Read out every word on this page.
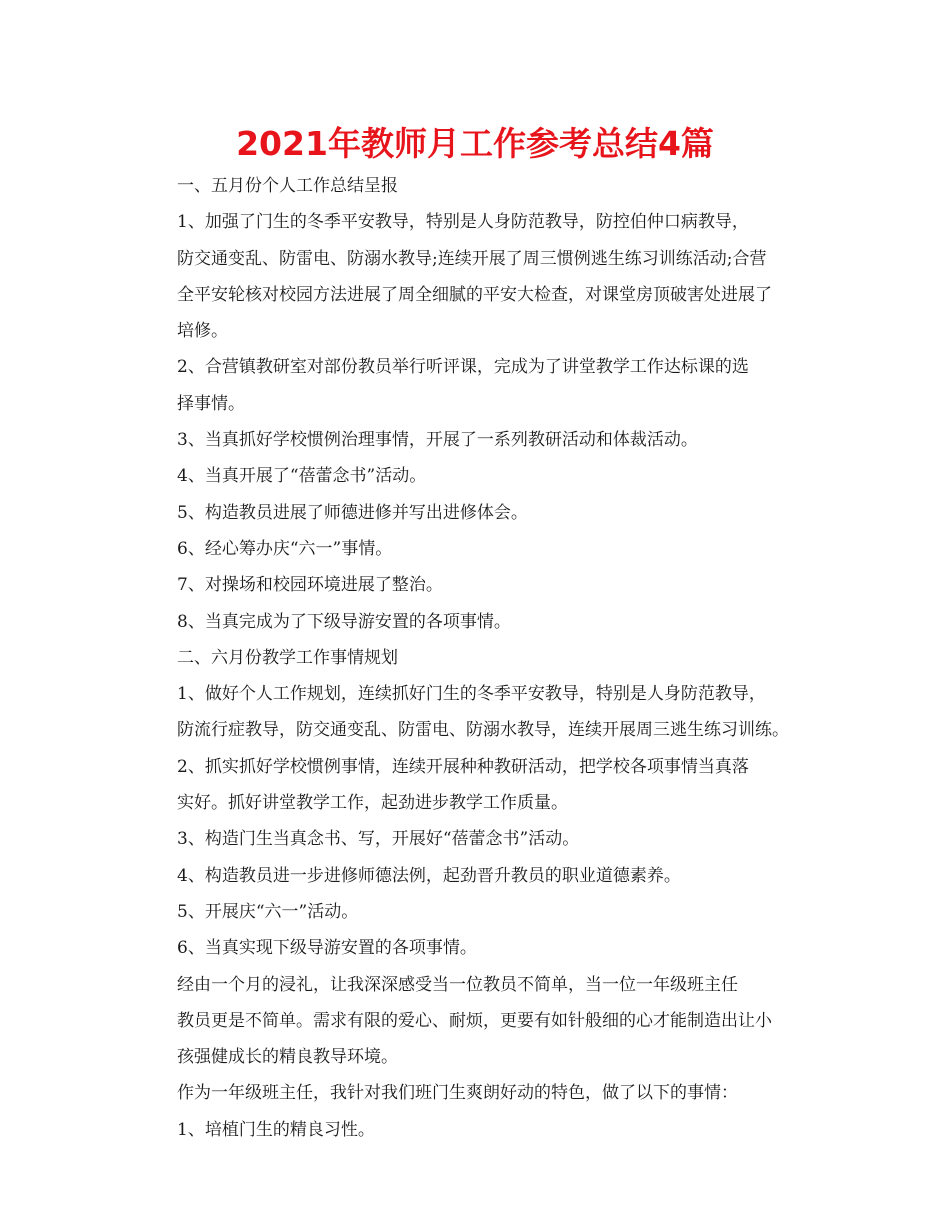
2021年教师月工作参考总结4篇

一、五月份个人工作总结呈报

1、加强了门生的冬季平安教导，特别是人身防范教导，防控伯仲口病教导，
防交通变乱、防雷电、防溺水教导;连续开展了周三惯例逃生练习训练活动;合营
全平安轮核对校园方法进展了周全细腻的平安大检查，对课堂房顶破害处进展了
培修。

2、合营镇教研室对部份教员举行听评课，完成为了讲堂教学工作达标课的选
择事情。

3、当真抓好学校惯例治理事情，开展了一系列教研活动和体裁活动。

4、当真开展了“蓓蕾念书”活动。

5、构造教员进展了师德进修并写出进修体会。

6、经心筹办庆“六一”事情。

7、对操场和校园环境进展了整治。

8、当真完成为了下级导游安置的各项事情。

二、六月份教学工作事情规划

1、做好个人工作规划，连续抓好门生的冬季平安教导，特别是人身防范教导，
防流行症教导，防交通变乱、防雷电、防溺水教导，连续开展周三逃生练习训练。

2、抓实抓好学校惯例事情，连续开展种种教研活动，把学校各项事情当真落
实好。抓好讲堂教学工作，起劲进步教学工作质量。

3、构造门生当真念书、写，开展好“蓓蕾念书”活动。

4、构造教员进一步进修师德法例，起劲晋升教员的职业道德素养。

5、开展庆“六一”活动。

6、当真实现下级导游安置的各项事情。

经由一个月的浸礼，让我深深感受当一位教员不简单，当一位一年级班主任
教员更是不简单。需求有限的爱心、耐烦，更要有如针般细的心才能制造出让小
孩强健成长的精良教导环境。

作为一年级班主任，我针对我们班门生爽朗好动的特色，做了以下的事情：

1、培植门生的精良习性。
